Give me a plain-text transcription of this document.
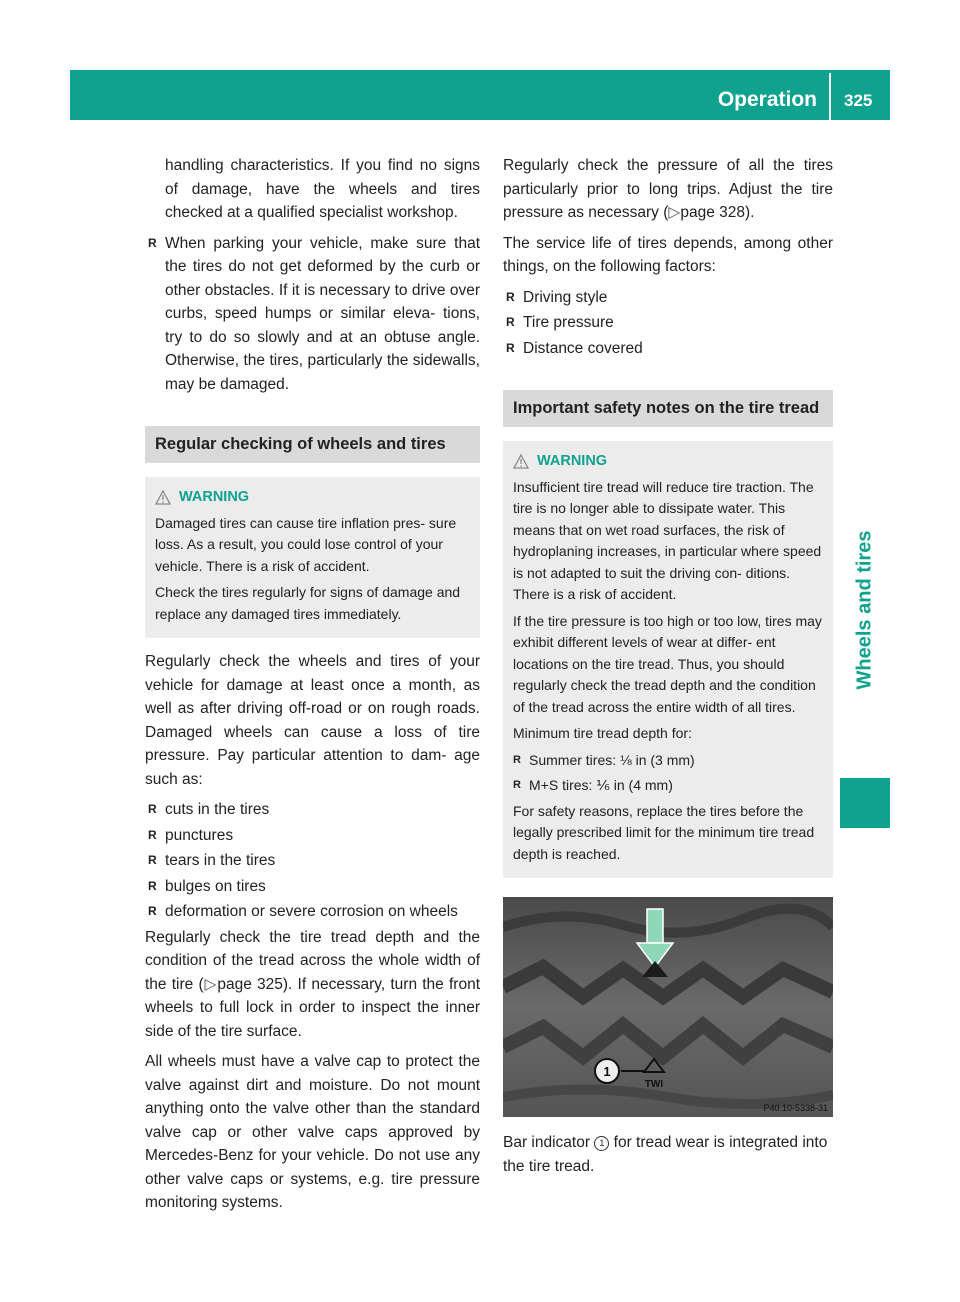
Operation 325
Wheels and tires

handling characteristics. If you find no signs of damage, have the wheels and tires checked at a qualified specialist workshop.

R When parking your vehicle, make sure that the tires do not get deformed by the curb or other obstacles. If it is necessary to drive over curbs, speed humps or similar eleva- tions, try to do so slowly and at an obtuse angle. Otherwise, the tires, particularly the sidewalls, may be damaged.
Regular checking of wheels and tires
WARNING

Damaged tires can cause tire inflation pres- sure loss. As a result, you could lose control of your vehicle. There is a risk of accident.

Check the tires regularly for signs of damage and replace any damaged tires immediately.

Regularly check the wheels and tires of your vehicle for damage at least once a month, as well as after driving off-road or on rough roads. Damaged wheels can cause a loss of tire pressure. Pay particular attention to dam- age such as:

R cuts in the tires
R punctures
R tears in the tires
R bulges on tires
R deformation or severe corrosion on wheels

Regularly check the tire tread depth and the condition of the tread across the whole width of the tire (▷page 325). If necessary, turn the front wheels to full lock in order to inspect the inner side of the tire surface.

All wheels must have a valve cap to protect the valve against dirt and moisture. Do not mount anything onto the valve other than the standard valve cap or other valve caps approved by Mercedes-Benz for your vehicle. Do not use any other valve caps or systems, e.g. tire pressure monitoring systems.

Regularly check the pressure of all the tires particularly prior to long trips. Adjust the tire pressure as necessary (▷page 328).

The service life of tires depends, among other things, on the following factors:

R Driving style
R Tire pressure
R Distance covered
Important safety notes on the tire tread
WARNING

Insufficient tire tread will reduce tire traction. The tire is no longer able to dissipate water. This means that on wet road surfaces, the risk of hydroplaning increases, in particular where speed is not adapted to suit the driving con- ditions. There is a risk of accident.

If the tire pressure is too high or too low, tires may exhibit different levels of wear at differ- ent locations on the tire tread. Thus, you should regularly check the tread depth and the condition of the tread across the entire width of all tires.

Minimum tire tread depth for:

R Summer tires: ⅛ in (3 mm)
R M+S tires: ⅙ in (4 mm)

For safety reasons, replace the tires before the legally prescribed limit for the minimum tire tread depth is reached.

1
TWI
P40.10-5338-31
Bar indicator 1 for tread wear is integrated into the tire tread.
